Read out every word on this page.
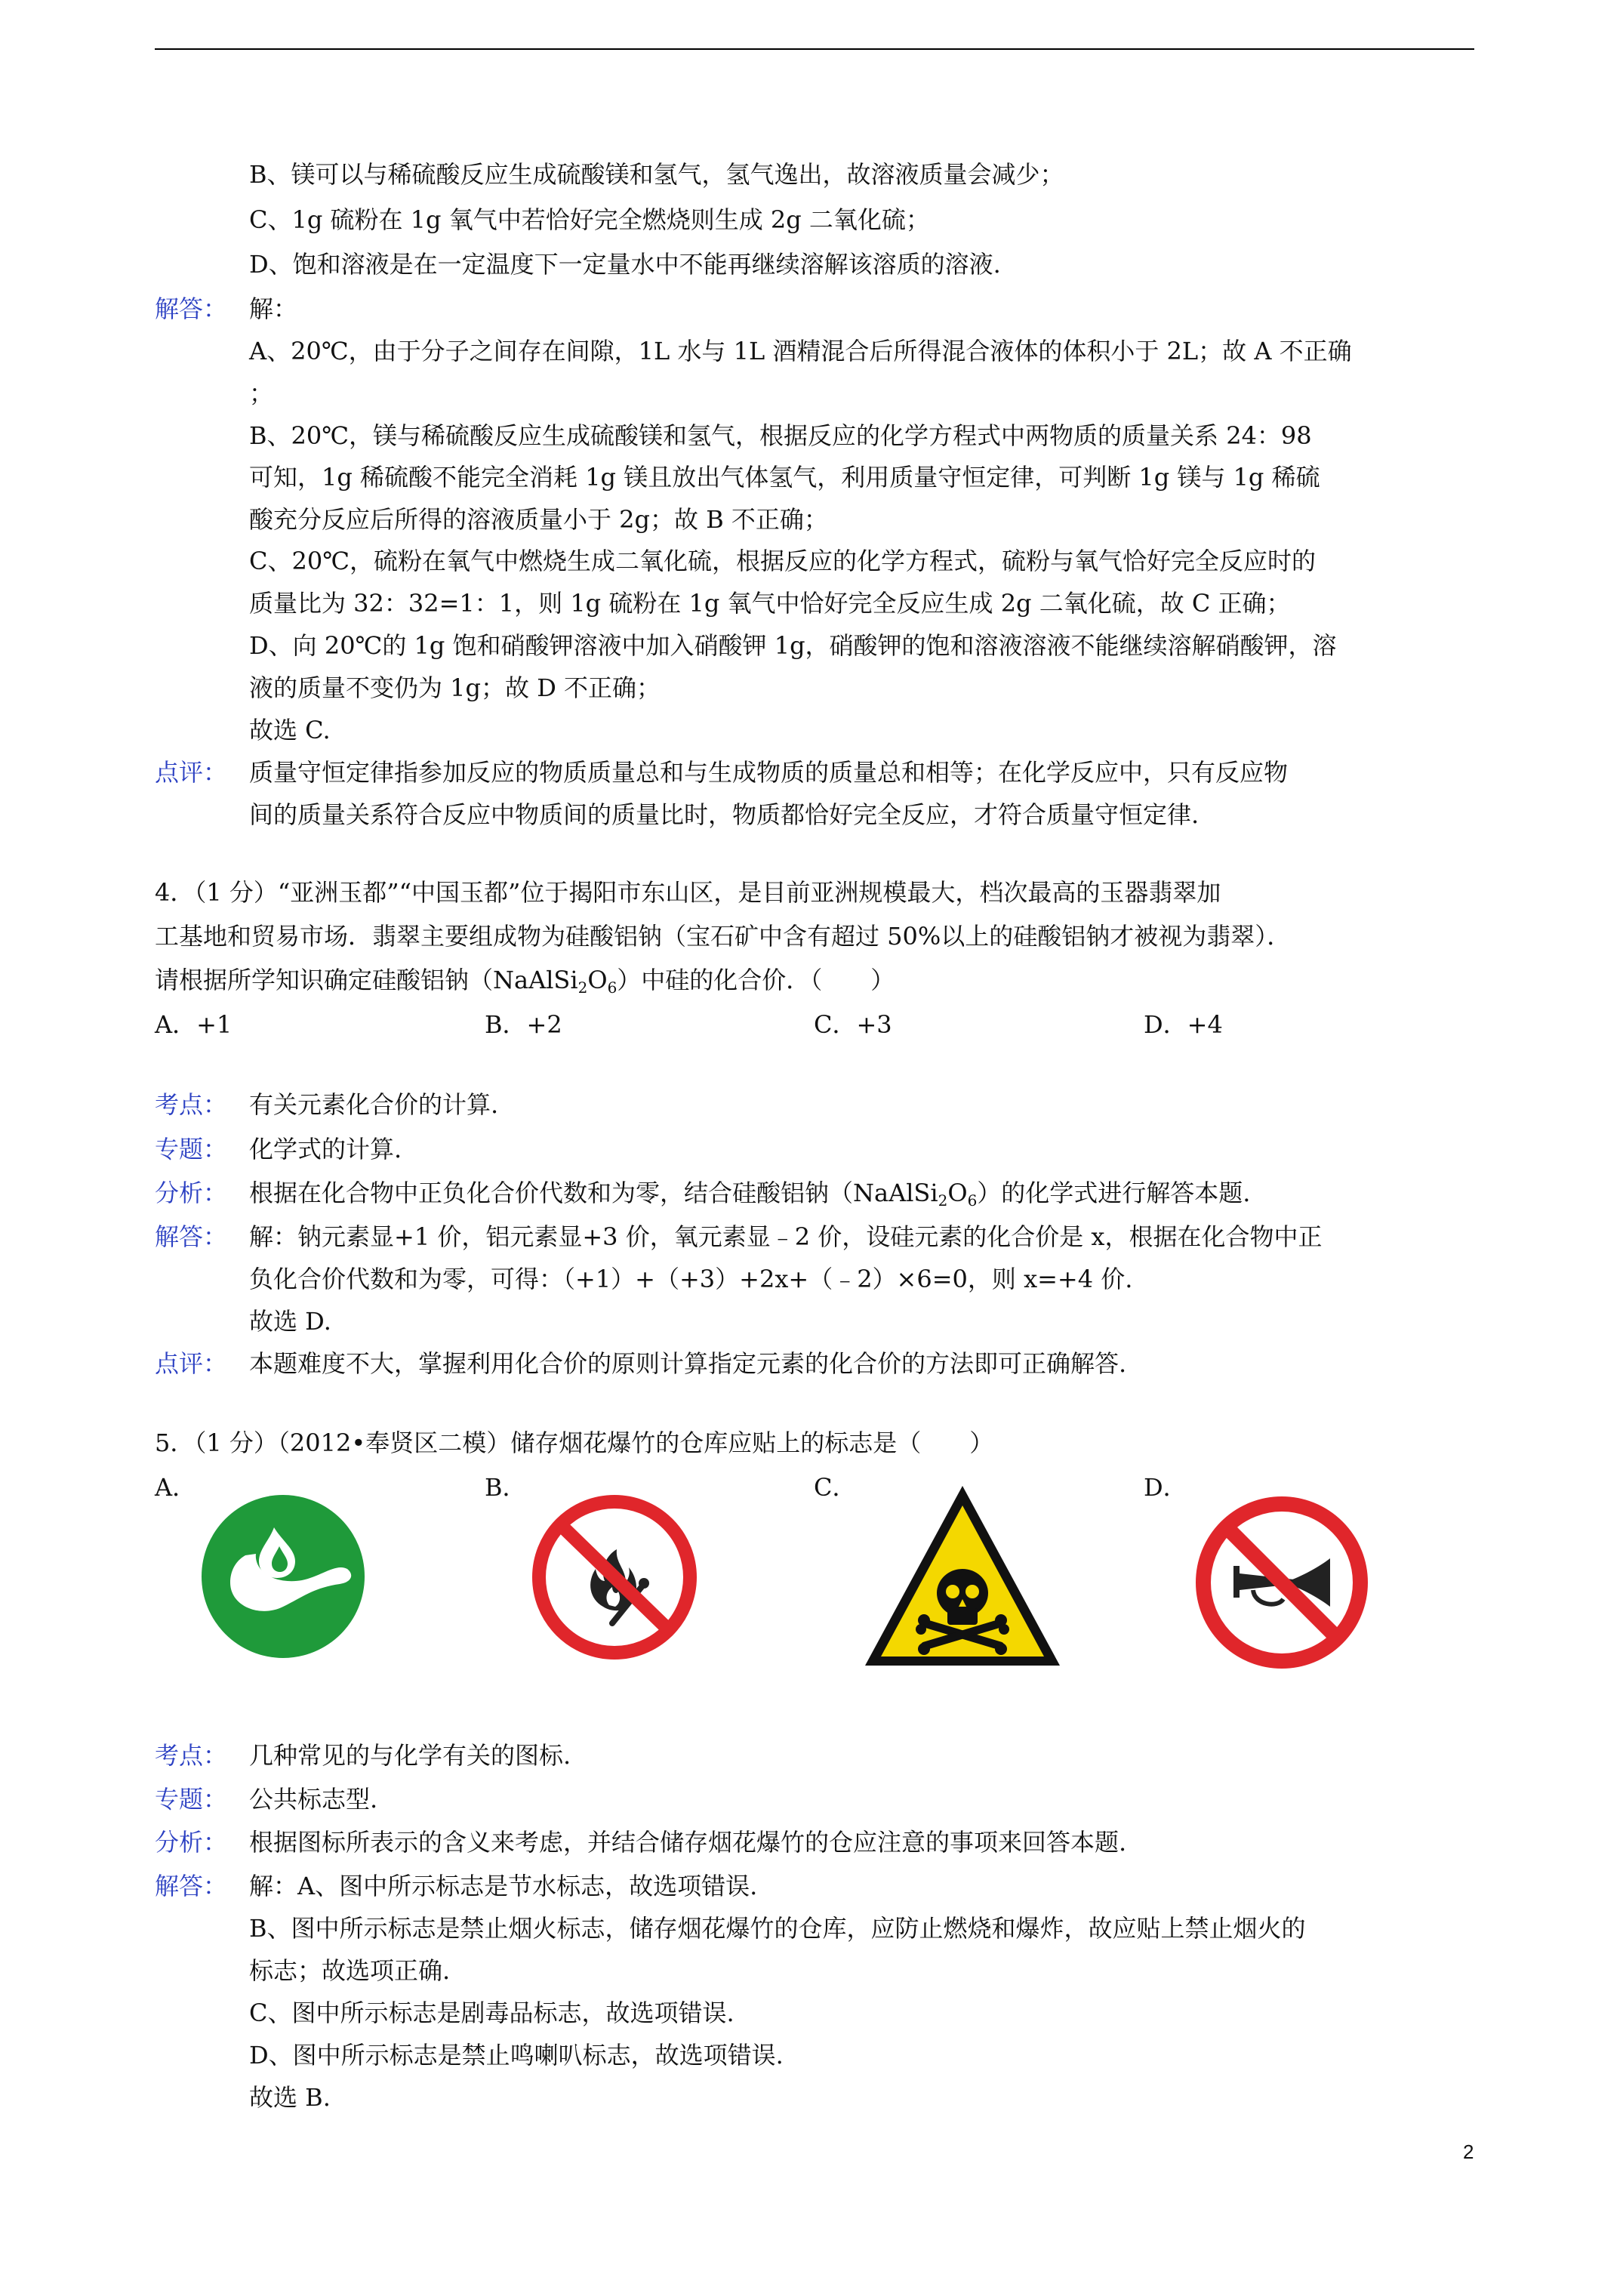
B、镁可以与稀硫酸反应生成硫酸镁和氢气，氢气逸出，故溶液质量会减少；
C、1g 硫粉在 1g 氧气中若恰好完全燃烧则生成 2g 二氧化硫；
D、饱和溶液是在一定温度下一定量水中不能再继续溶解该溶质的溶液.
解答： 解：
A、20℃，由于分子之间存在间隙，1L 水与 1L 酒精混合后所得混合液体的体积小于 2L；故 A 不正确
；
B、20℃，镁与稀硫酸反应生成硫酸镁和氢气，根据反应的化学方程式中两物质的质量关系 24：98
可知，1g 稀硫酸不能完全消耗 1g 镁且放出气体氢气，利用质量守恒定律，可判断 1g 镁与 1g 稀硫
酸充分反应后所得的溶液质量小于 2g；故 B 不正确；
C、20℃，硫粉在氧气中燃烧生成二氧化硫，根据反应的化学方程式，硫粉与氧气恰好完全反应时的
质量比为 32：32=1：1，则 1g 硫粉在 1g 氧气中恰好完全反应生成 2g 二氧化硫，故 C 正确；
D、向 20℃的 1g 饱和硝酸钾溶液中加入硝酸钾 1g，硝酸钾的饱和溶液溶液不能继续溶解硝酸钾，溶
液的质量不变仍为 1g；故 D 不正确；
故选 C.
点评： 质量守恒定律指参加反应的物质质量总和与生成物质的质量总和相等；在化学反应中，只有反应物
间的质量关系符合反应中物质间的质量比时，物质都恰好完全反应，才符合质量守恒定律.
4．（1 分）“亚洲玉都”“中国玉都”位于揭阳市东山区，是目前亚洲规模最大，档次最高的玉器翡翠加
工基地和贸易市场．翡翠主要组成物为硅酸铝钠（宝石矿中含有超过 50%以上的硅酸铝钠才被视为翡翠）．
请根据所学知识确定硅酸铝钠$(NaAlSi_2O_6)$中硅的化合价．（　　）
A．+1	B．+2	C．+3	D．+4
考点： 有关元素化合价的计算.
专题： 化学式的计算.
分析： 根据在化合物中正负化合价代数和为零，结合硅酸铝钠$(NaAlSi_2O_6)$的化学式进行解答本题.
解答： 解：钠元素显+1 价，铝元素显+3 价，氧元素显﹣2 价，设硅元素的化合价是 x，根据在化合物中正
负化合价代数和为零，可得：（+1）+（+3）+2x+（﹣2）×6=0，则 x=+4 价.
故选 D.
点评： 本题难度不大，掌握利用化合价的原则计算指定元素的化合价的方法即可正确解答.
5．（1 分）（2012•奉贤区二模）储存烟花爆竹的仓库应贴上的标志是（　　）
A．	B．	C．	D．
考点： 几种常见的与化学有关的图标.
专题： 公共标志型.
分析： 根据图标所表示的含义来考虑，并结合储存烟花爆竹的仓应注意的事项来回答本题.
解答： 解：A、图中所示标志是节水标志，故选项错误.
B、图中所示标志是禁止烟火标志，储存烟花爆竹的仓库，应防止燃烧和爆炸，故应贴上禁止烟火的
标志；故选项正确.
C、图中所示标志是剧毒品标志，故选项错误.
D、图中所示标志是禁止鸣喇叭标志，故选项错误.
故选 B.
2
